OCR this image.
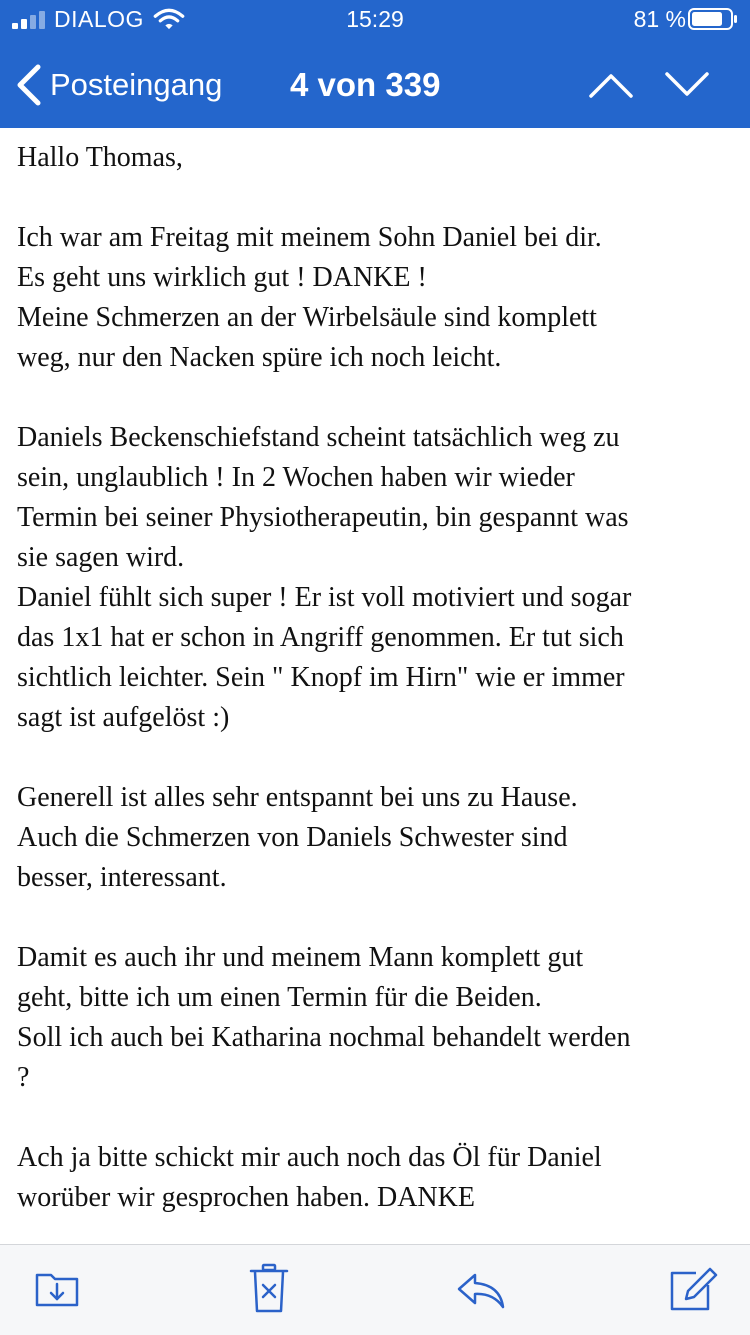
DIALOG	15:29	81 %
Posteingang 4 von 339
Hallo Thomas,
Ich war am Freitag mit meinem Sohn Daniel bei dir.
Es geht uns wirklich gut ! DANKE !
Meine Schmerzen an der Wirbelsäule sind komplett
weg, nur den Nacken spüre ich noch leicht.
Daniels Beckenschiefstand scheint tatsächlich weg zu
sein, unglaublich ! In 2 Wochen haben wir wieder
Termin bei seiner Physiotherapeutin, bin gespannt was
sie sagen wird.
Daniel fühlt sich super ! Er ist voll motiviert und sogar
das 1x1 hat er schon in Angriff genommen. Er tut sich
sichtlich leichter. Sein " Knopf im Hirn" wie er immer
sagt ist aufgelöst :)
Generell ist alles sehr entspannt bei uns zu Hause.
Auch die Schmerzen von Daniels Schwester sind
besser, interessant.
Damit es auch ihr und meinem Mann komplett gut
geht, bitte ich um einen Termin für die Beiden.
Soll ich auch bei Katharina nochmal behandelt werden
?
Ach ja bitte schickt mir auch noch das Öl für Daniel
worüber wir gesprochen haben. DANKE
